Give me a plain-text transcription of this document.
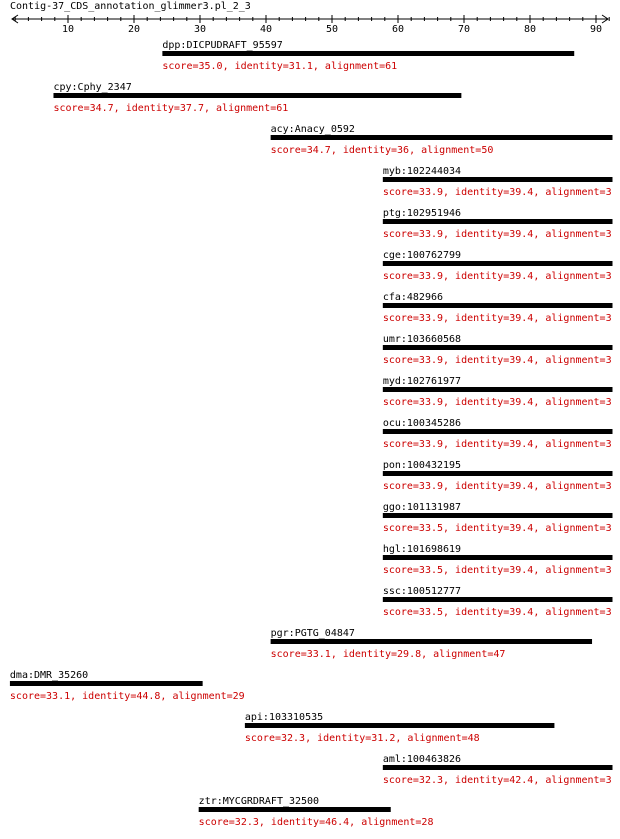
Contig-37_CDS_annotation_glimmer3.pl_2_3
10	20	30	40	50	60	70	80	90
dpp:DICPUDRAFT_95597
score=35.0, identity=31.1, alignment=61
cpy:Cphy_2347
score=34.7, identity=37.7, alignment=61
acy:Anacy_0592
score=34.7, identity=36, alignment=50
myb:102244034
score=33.9, identity=39.4, alignment=3
ptg:102951946
score=33.9, identity=39.4, alignment=3
cge:100762799
score=33.9, identity=39.4, alignment=3
cfa:482966
score=33.9, identity=39.4, alignment=3
umr:103660568
score=33.9, identity=39.4, alignment=3
myd:102761977
score=33.9, identity=39.4, alignment=3
ocu:100345286
score=33.9, identity=39.4, alignment=3
pon:100432195
score=33.9, identity=39.4, alignment=3
ggo:101131987
score=33.5, identity=39.4, alignment=3
hgl:101698619
score=33.5, identity=39.4, alignment=3
ssc:100512777
score=33.5, identity=39.4, alignment=3
pgr:PGTG_04847
score=33.1, identity=29.8, alignment=47
dma:DMR_35260
score=33.1, identity=44.8, alignment=29
api:103310535
score=32.3, identity=31.2, alignment=48
aml:100463826
score=32.3, identity=42.4, alignment=3
ztr:MYCGRDRAFT_32500
score=32.3, identity=46.4, alignment=28
